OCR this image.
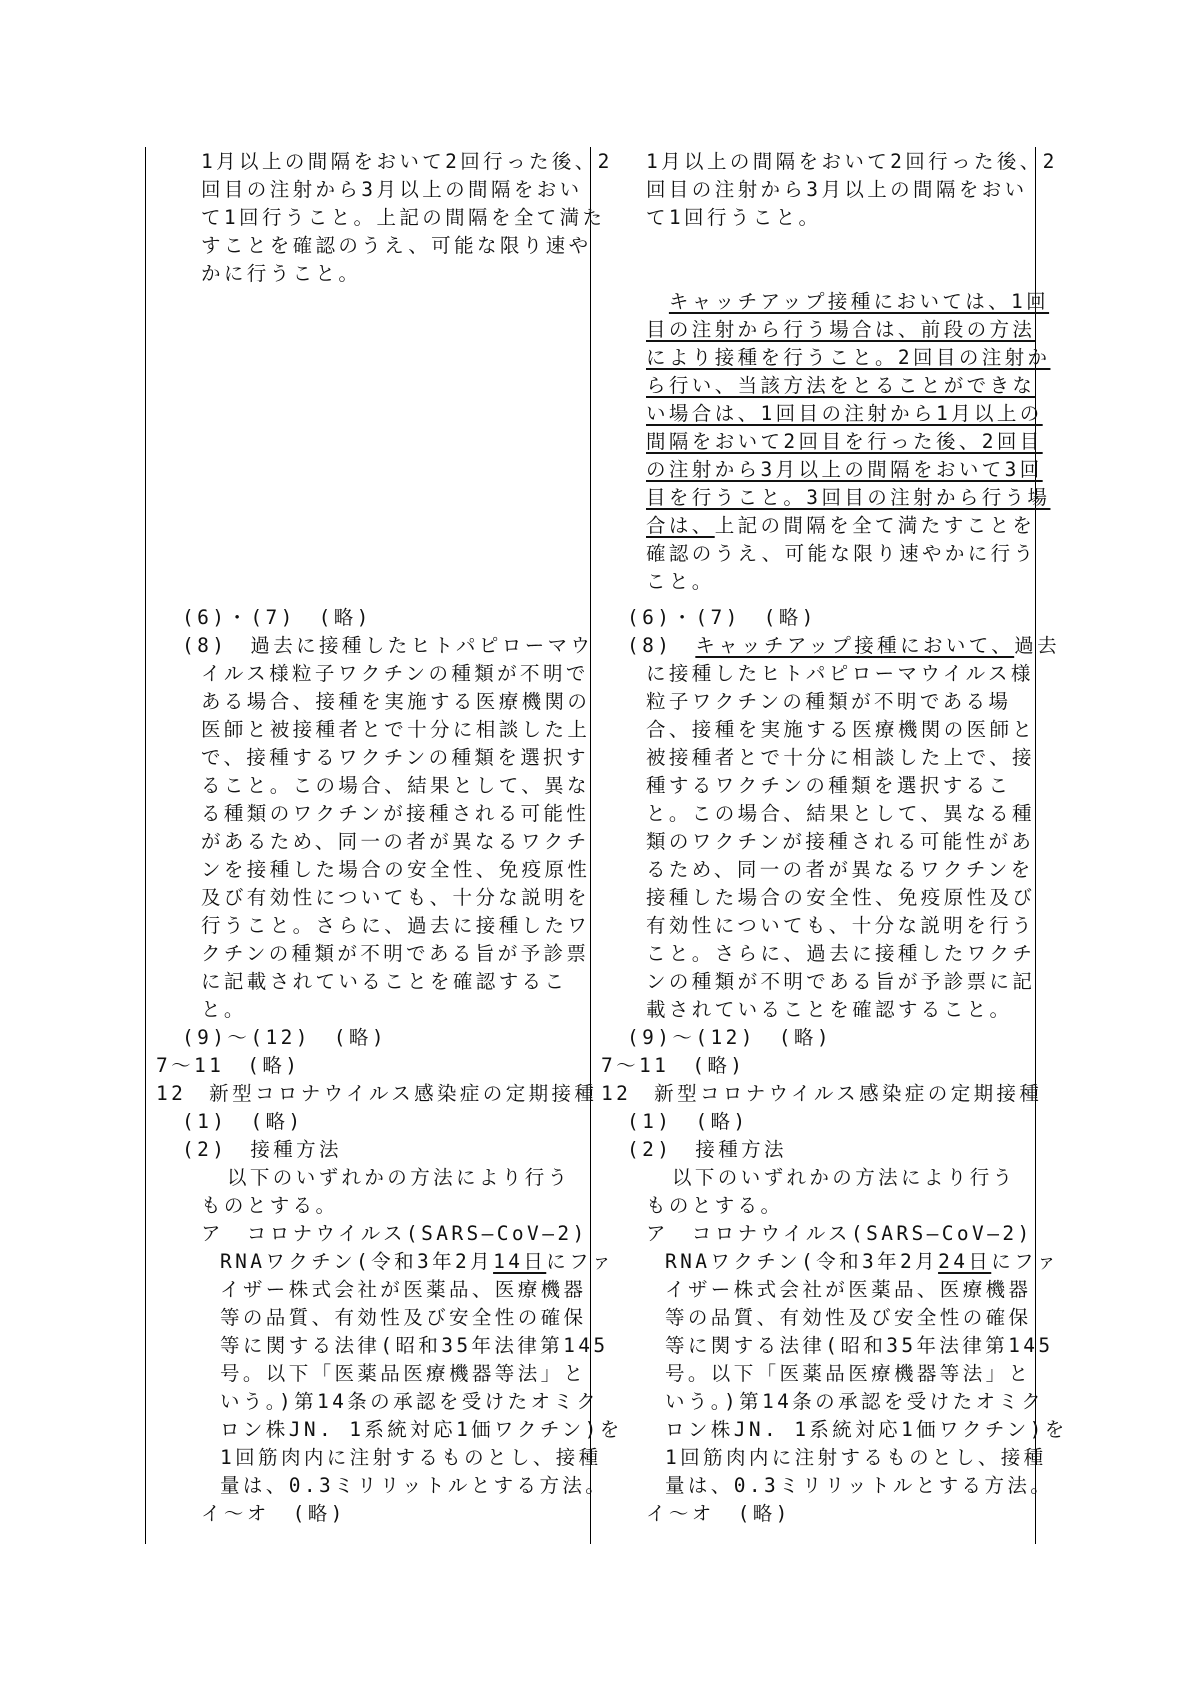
1月以上の間隔をおいて2回行った後、2
回目の注射から3月以上の間隔をおい
て1回行うこと。上記の間隔を全て満た
すことを確認のうえ、可能な限り速や
かに行うこと。
(6)・(7)　(略)
(8)　過去に接種したヒトパピローマウ
イルス様粒子ワクチンの種類が不明で
ある場合、接種を実施する医療機関の
医師と被接種者とで十分に相談した上
で、接種するワクチンの種類を選択す
ること。この場合、結果として、異な
る種類のワクチンが接種される可能性
があるため、同一の者が異なるワクチ
ンを接種した場合の安全性、免疫原性
及び有効性についても、十分な説明を
行うこと。さらに、過去に接種したワ
クチンの種類が不明である旨が予診票
に記載されていることを確認するこ
と。
(9)〜(12)　(略)
7〜11　(略)
12　新型コロナウイルス感染症の定期接種
(1)　(略)
(2)　接種方法
以下のいずれかの方法により行う
ものとする。
ア　コロナウイルス(SARS—CoV—2)
RNAワクチン(令和3年2月14日にファ
イザー株式会社が医薬品、医療機器
等の品質、有効性及び安全性の確保
等に関する法律(昭和35年法律第145
号。以下「医薬品医療機器等法」と
いう。)第14条の承認を受けたオミク
ロン株JN. 1系統対応1価ワクチン)を
1回筋肉内に注射するものとし、接種
量は、0.3ミリリットルとする方法。
イ〜オ　(略)
1月以上の間隔をおいて2回行った後、2
回目の注射から3月以上の間隔をおい
て1回行うこと。
　キャッチアップ接種においては、1回
目の注射から行う場合は、前段の方法
により接種を行うこと。2回目の注射か
ら行い、当該方法をとることができな
い場合は、1回目の注射から1月以上の
間隔をおいて2回目を行った後、2回目
の注射から3月以上の間隔をおいて3回
目を行うこと。3回目の注射から行う場
合は、上記の間隔を全て満たすことを
確認のうえ、可能な限り速やかに行う
こと。
(6)・(7)　(略)
(8)　キャッチアップ接種において、過去
に接種したヒトパピローマウイルス様
粒子ワクチンの種類が不明である場
合、接種を実施する医療機関の医師と
被接種者とで十分に相談した上で、接
種するワクチンの種類を選択するこ
と。この場合、結果として、異なる種
類のワクチンが接種される可能性があ
るため、同一の者が異なるワクチンを
接種した場合の安全性、免疫原性及び
有効性についても、十分な説明を行う
こと。さらに、過去に接種したワクチ
ンの種類が不明である旨が予診票に記
載されていることを確認すること。
(9)〜(12)　(略)
7〜11　(略)
12　新型コロナウイルス感染症の定期接種
(1)　(略)
(2)　接種方法
以下のいずれかの方法により行う
ものとする。
ア　コロナウイルス(SARS—CoV—2)
RNAワクチン(令和3年2月24日にファ
イザー株式会社が医薬品、医療機器
等の品質、有効性及び安全性の確保
等に関する法律(昭和35年法律第145
号。以下「医薬品医療機器等法」と
いう。)第14条の承認を受けたオミク
ロン株JN. 1系統対応1価ワクチン)を
1回筋肉内に注射するものとし、接種
量は、0.3ミリリットルとする方法。
イ〜オ　(略)
